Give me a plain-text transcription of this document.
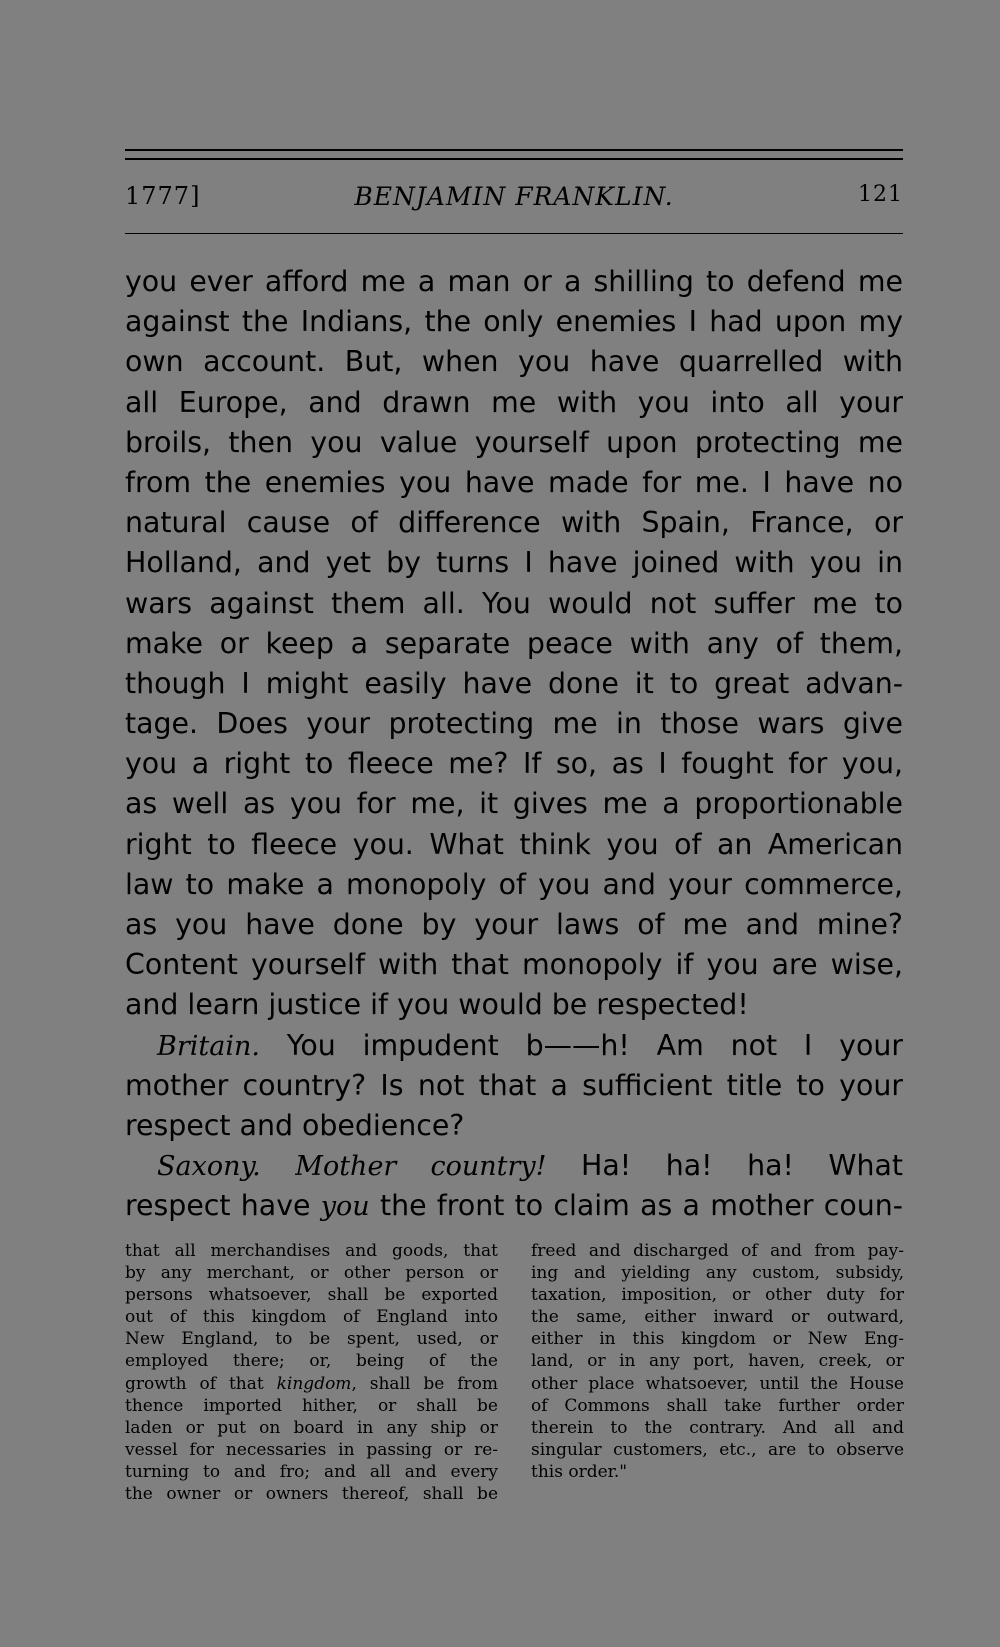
1777]	BENJAMIN FRANKLIN.	121
you ever afford me a man or a shilling to defend me
against the Indians, the only enemies I had upon my
own account. But, when you have quarrelled with
all Europe, and drawn me with you into all your
broils, then you value yourself upon protecting me
from the enemies you have made for me. I have no
natural cause of difference with Spain, France, or
Holland, and yet by turns I have joined with you in
wars against them all. You would not suffer me to
make or keep a separate peace with any of them,
though I might easily have done it to great advan-
tage. Does your protecting me in those wars give
you a right to fleece me? If so, as I fought for you,
as well as you for me, it gives me a proportionable
right to fleece you. What think you of an American
law to make a monopoly of you and your commerce,
as you have done by your laws of me and mine?
Content yourself with that monopoly if you are wise,
and learn justice if you would be respected!
Britain. You impudent b——h! Am not I your
mother country? Is not that a sufficient title to your
respect and obedience?
Saxony. Mother country! Ha! ha! ha! What
respect have you the front to claim as a mother coun-
that all merchandises and goods, that
by any merchant, or other person or
persons whatsoever, shall be exported
out of this kingdom of England into
New England, to be spent, used, or
employed there; or, being of the
growth of that kingdom, shall be from
thence imported hither, or shall be
laden or put on board in any ship or
vessel for necessaries in passing or re-
turning to and fro; and all and every
the owner or owners thereof, shall be
freed and discharged of and from pay-
ing and yielding any custom, subsidy,
taxation, imposition, or other duty for
the same, either inward or outward,
either in this kingdom or New Eng-
land, or in any port, haven, creek, or
other place whatsoever, until the House
of Commons shall take further order
therein to the contrary. And all and
singular customers, etc., are to observe
this order."
